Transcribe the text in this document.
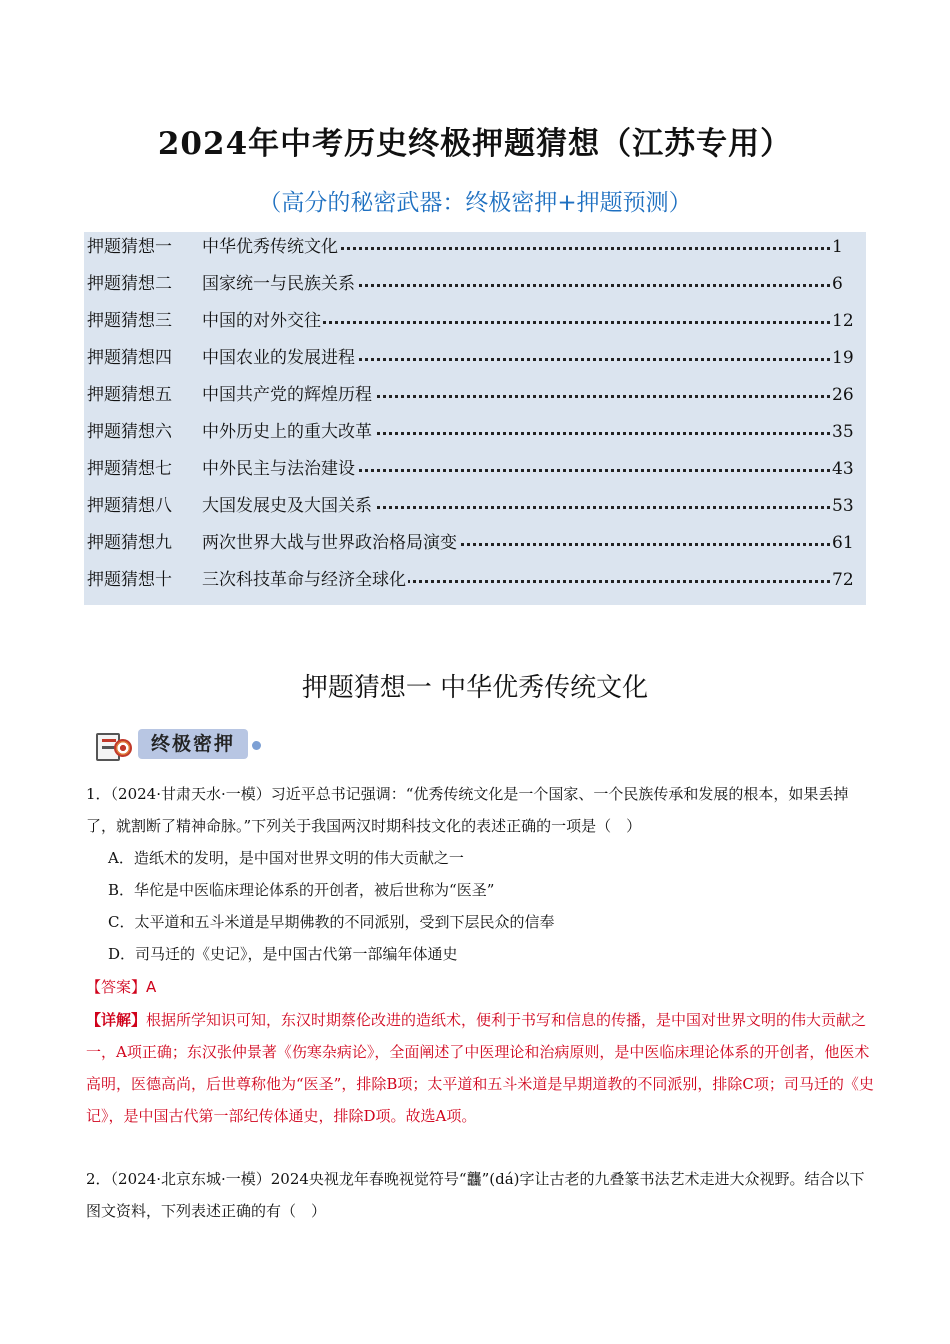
2024年中考历史终极押题猜想（江苏专用）
（高分的秘密武器：终极密押+押题预测）
押题猜想一 中华优秀传统文化	1
押题猜想二 国家统一与民族关系	6
押题猜想三 中国的对外交往	12
押题猜想四 中国农业的发展进程	19
押题猜想五 中国共产党的辉煌历程	26
押题猜想六 中外历史上的重大改革	35
押题猜想七 中外民主与法治建设	43
押题猜想八 大国发展史及大国关系	53
押题猜想九 两次世界大战与世界政治格局演变	61
押题猜想十 三次科技革命与经济全球化	72
押题猜想一 中华优秀传统文化
终极密押
1．（2024·甘肃天水·一模）习近平总书记强调：“优秀传统文化是一个国家、一个民族传承和发展的根本，如果丢掉了，就割断了精神命脉。”下列关于我国两汉时期科技文化的表述正确的一项是（　）
A．造纸术的发明，是中国对世界文明的伟大贡献之一
B．华佗是中医临床理论体系的开创者，被后世称为“医圣”
C．太平道和五斗米道是早期佛教的不同派别，受到下层民众的信奉
D．司马迁的《史记》，是中国古代第一部编年体通史
【答案】A
【详解】根据所学知识可知，东汉时期蔡伦改进的造纸术，便利于书写和信息的传播，是中国对世界文明的伟大贡献之一，A项正确；东汉张仲景著《伤寒杂病论》，全面阐述了中医理论和治病原则，是中医临床理论体系的开创者，他医术高明，医德高尚，后世尊称他为“医圣”，排除B项；太平道和五斗米道是早期道教的不同派别，排除C项；司马迁的《史记》，是中国古代第一部纪传体通史，排除D项。故选A项。
2．（2024·北京东城·一模）2024央视龙年春晚视觉符号“龘”(dá)字让古老的九叠篆书法艺术走进大众视野。结合以下图文资料，下列表述正确的有（　）
